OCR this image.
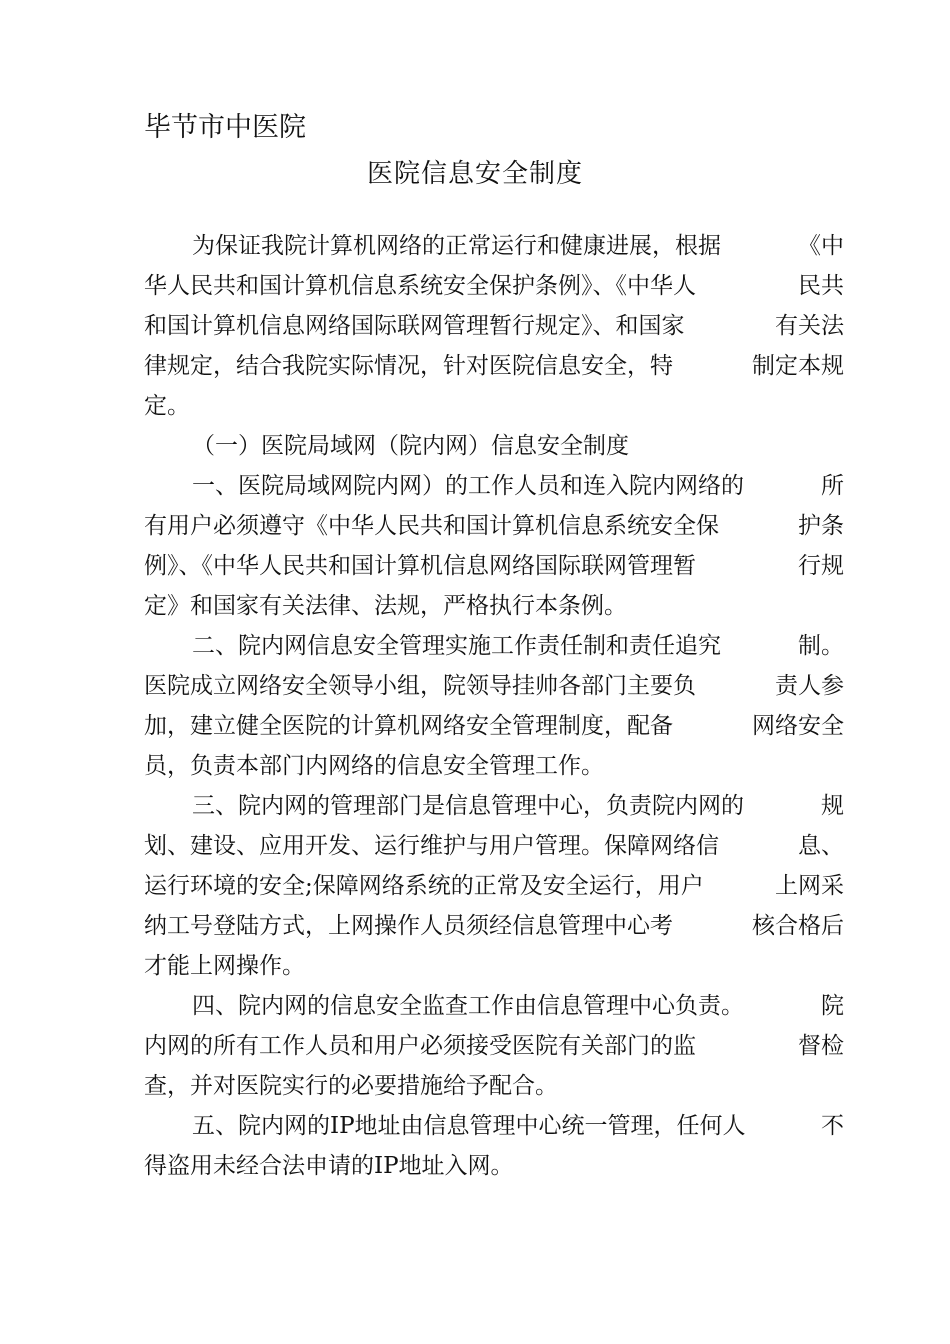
毕节市中医院
医院信息安全制度
为保证我院计算机网络的正常运行和健康进展，根据	《中
华人民共和国计算机信息系统安全保护条例》、《中华人	民共
和国计算机信息网络国际联网管理暂行规定》、和国家	有关法
律规定，结合我院实际情况，针对医院信息安全，特	制定本规
定。
（一）医院局域网（院内网）信息安全制度
一、医院局域网院内网）的工作人员和连入院内网络的	所
有用户必须遵守《中华人民共和国计算机信息系统安全保	护条
例》、《中华人民共和国计算机信息网络国际联网管理暂	行规
定》和国家有关法律、法规，严格执行本条例。
二、院内网信息安全管理实施工作责任制和责任追究	制。
医院成立网络安全领导小组，院领导挂帅各部门主要负	责人参
加，建立健全医院的计算机网络安全管理制度，配备	网络安全
员，负责本部门内网络的信息安全管理工作。
三、院内网的管理部门是信息管理中心，负责院内网的	规
划、建设、应用开发、运行维护与用户管理。保障网络信	息、
运行环境的安全;保障网络系统的正常及安全运行，用户	上网采
纳工号登陆方式，上网操作人员须经信息管理中心考	核合格后
才能上网操作。
四、院内网的信息安全监查工作由信息管理中心负责。	院
内网的所有工作人员和用户必须接受医院有关部门的监	督检
查，并对医院实行的必要措施给予配合。
五、院内网的IP地址由信息管理中心统一管理，任何人	不
得盗用未经合法申请的IP地址入网。
